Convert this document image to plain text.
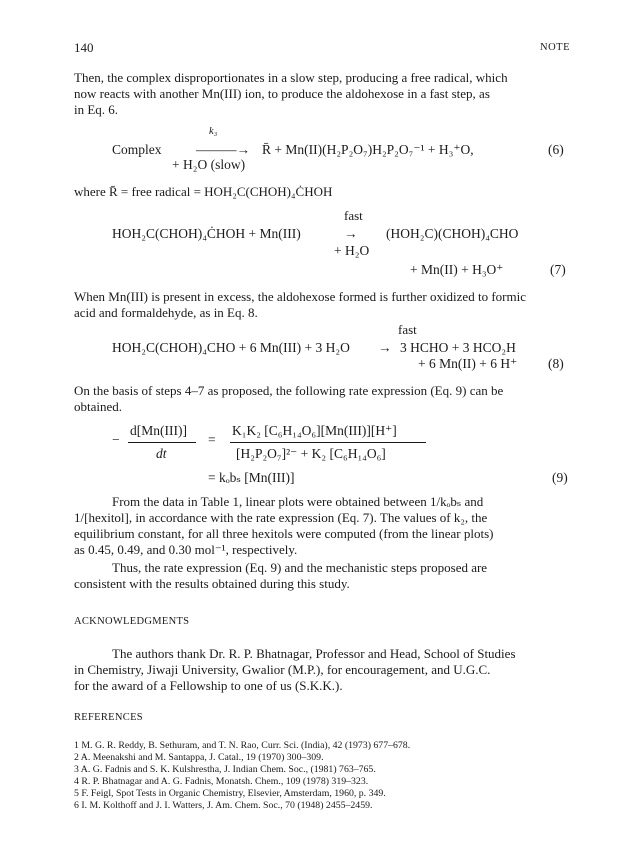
140	NOTE
Then, the complex disproportionates in a slow step, producing a free radical, which
now reacts with another Mn(III) ion, to produce the aldohexose in a fast step, as
in Eq. 6.
Complex
k₃
———→
+ H₂O (slow)
R̄ + Mn(II)(H₂P₂O₇)H₂P₂O₇⁻¹ + H₃⁺O,	(6)
where R̄ = free radical = HOH₂C(CHOH)₄ĊHOH
fast
HOH₂C(CHOH)₄ĊHOH + Mn(III)	→ (HOH₂C)(CHOH)₄CHO
+ H₂O
+ Mn(II) + H₃O⁺	(7)
When Mn(III) is present in excess, the aldohexose formed is further oxidized to formic
acid and formaldehyde, as in Eq. 8.
fast
HOH₂C(CHOH)₄CHO + 6 Mn(III) + 3 H₂O → 3 HCHO + 3 HCO₂H
+ 6 Mn(II) + 6 H⁺ (8)
On the basis of steps 4–7 as proposed, the following rate expression (Eq. 9) can be
obtained.
−
d[Mn(III)]
dt
=
K₁K₂ [C₆H₁₄O₆][Mn(III)][H⁺]
[H₂P₂O₇]²⁻ + K₂ [C₆H₁₄O₆]
= kₒbₛ [Mn(III)]	(9)
From the data in Table 1, linear plots were obtained between 1/kₒbₛ and
1/[hexitol], in accordance with the rate expression (Eq. 7). The values of k₂, the
equilibrium constant, for all three hexitols were computed (from the linear plots)
as 0.45, 0.49, and 0.30 mol⁻¹, respectively.
Thus, the rate expression (Eq. 9) and the mechanistic steps proposed are
consistent with the results obtained during this study.
ACKNOWLEDGMENTS
The authors thank Dr. R. P. Bhatnagar, Professor and Head, School of Studies
in Chemistry, Jiwaji University, Gwalior (M.P.), for encouragement, and U.G.C.
for the award of a Fellowship to one of us (S.K.K.).
REFERENCES
1 M. G. R. Reddy, B. Sethuram, and T. N. Rao, Curr. Sci. (India), 42 (1973) 677–678.
2 A. Meenakshi and M. Santappa, J. Catal., 19 (1970) 300–309.
3 A. G. Fadnis and S. K. Kulshrestha, J. Indian Chem. Soc., (1981) 763–765.
4 R. P. Bhatnagar and A. G. Fadnis, Monatsh. Chem., 109 (1978) 319–323.
5 F. Feigl, Spot Tests in Organic Chemistry, Elsevier, Amsterdam, 1960, p. 349.
6 I. M. Kolthoff and J. I. Watters, J. Am. Chem. Soc., 70 (1948) 2455–2459.
